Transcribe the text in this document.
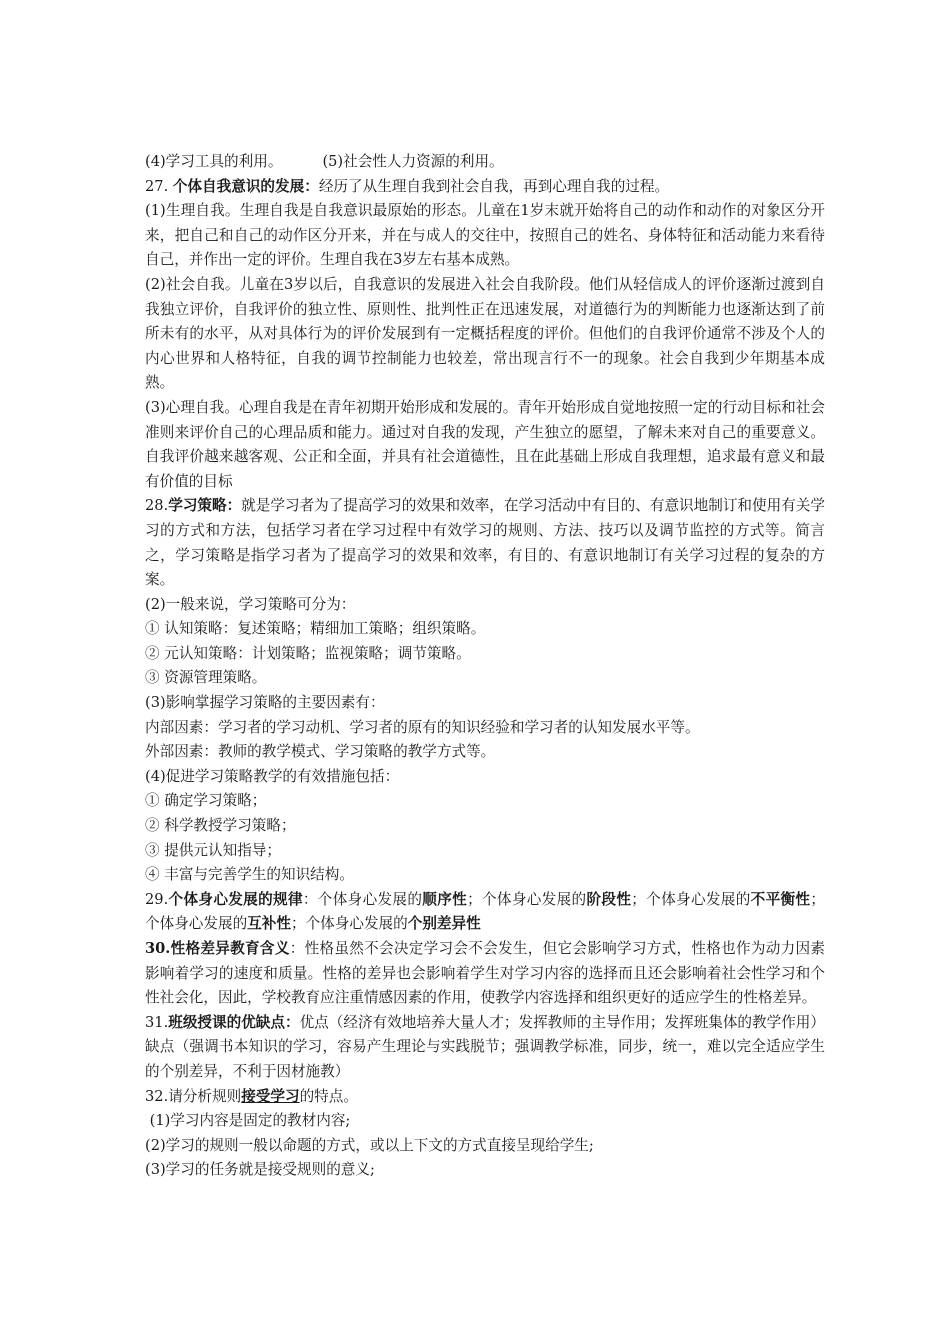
(4)学习工具的利用。	(5)社会性人力资源的利用。

27. 个体自我意识的发展：经历了从生理自我到社会自我，再到心理自我的过程。

(1)生理自我。生理自我是自我意识最原始的形态。儿童在1岁末就开始将自己的动作和动作的对象区分开来，把自己和自己的动作区分开来，并在与成人的交往中，按照自己的姓名、身体特征和活动能力来看待自己，并作出一定的评价。生理自我在3岁左右基本成熟。

(2)社会自我。儿童在3岁以后，自我意识的发展进入社会自我阶段。他们从轻信成人的评价逐渐过渡到自我独立评价，自我评价的独立性、原则性、批判性正在迅速发展，对道德行为的判断能力也逐渐达到了前所未有的水平，从对具体行为的评价发展到有一定概括程度的评价。但他们的自我评价通常不涉及个人的内心世界和人格特征，自我的调节控制能力也较差，常出现言行不一的现象。社会自我到少年期基本成熟。

(3)心理自我。心理自我是在青年初期开始形成和发展的。青年开始形成自觉地按照一定的行动目标和社会准则来评价自己的心理品质和能力。通过对自我的发现，产生独立的愿望，了解未来对自己的重要意义。自我评价越来越客观、公正和全面，并具有社会道德性，且在此基础上形成自我理想，追求最有意义和最有价值的目标

28.学习策略：就是学习者为了提高学习的效果和效率，在学习活动中有目的、有意识地制订和使用有关学习的方式和方法，包括学习者在学习过程中有效学习的规则、方法、技巧以及调节监控的方式等。简言之，学习策略是指学习者为了提高学习的效果和效率，有目的、有意识地制订有关学习过程的复杂的方案。

(2)一般来说，学习策略可分为：

① 认知策略：复述策略；精细加工策略；组织策略。

② 元认知策略：计划策略；监视策略；调节策略。

③ 资源管理策略。

(3)影响掌握学习策略的主要因素有：

内部因素：学习者的学习动机、学习者的原有的知识经验和学习者的认知发展水平等。

外部因素：教师的教学模式、学习策略的教学方式等。

(4)促进学习策略教学的有效措施包括：

① 确定学习策略；

② 科学教授学习策略；

③ 提供元认知指导；

④ 丰富与完善学生的知识结构。

29.个体身心发展的规律：个体身心发展的顺序性；个体身心发展的阶段性；个体身心发展的不平衡性；个体身心发展的互补性；个体身心发展的个别差异性

30.性格差异教育含义：性格虽然不会决定学习会不会发生，但它会影响学习方式，性格也作为动力因素影响着学习的速度和质量。性格的差异也会影响着学生对学习内容的选择而且还会影响着社会性学习和个性社会化，因此，学校教育应注重情感因素的作用，使教学内容选择和组织更好的适应学生的性格差异。

31.班级授课的优缺点：优点（经济有效地培养大量人才；发挥教师的主导作用；发挥班集体的教学作用）缺点（强调书本知识的学习，容易产生理论与实践脱节；强调教学标准，同步，统一，难以完全适应学生的个别差异，不利于因材施教）

32.请分析规则接受学习的特点。

(1)学习内容是固定的教材内容;

(2)学习的规则一般以命题的方式，或以上下文的方式直接呈现给学生;

(3)学习的任务就是接受规则的意义;
